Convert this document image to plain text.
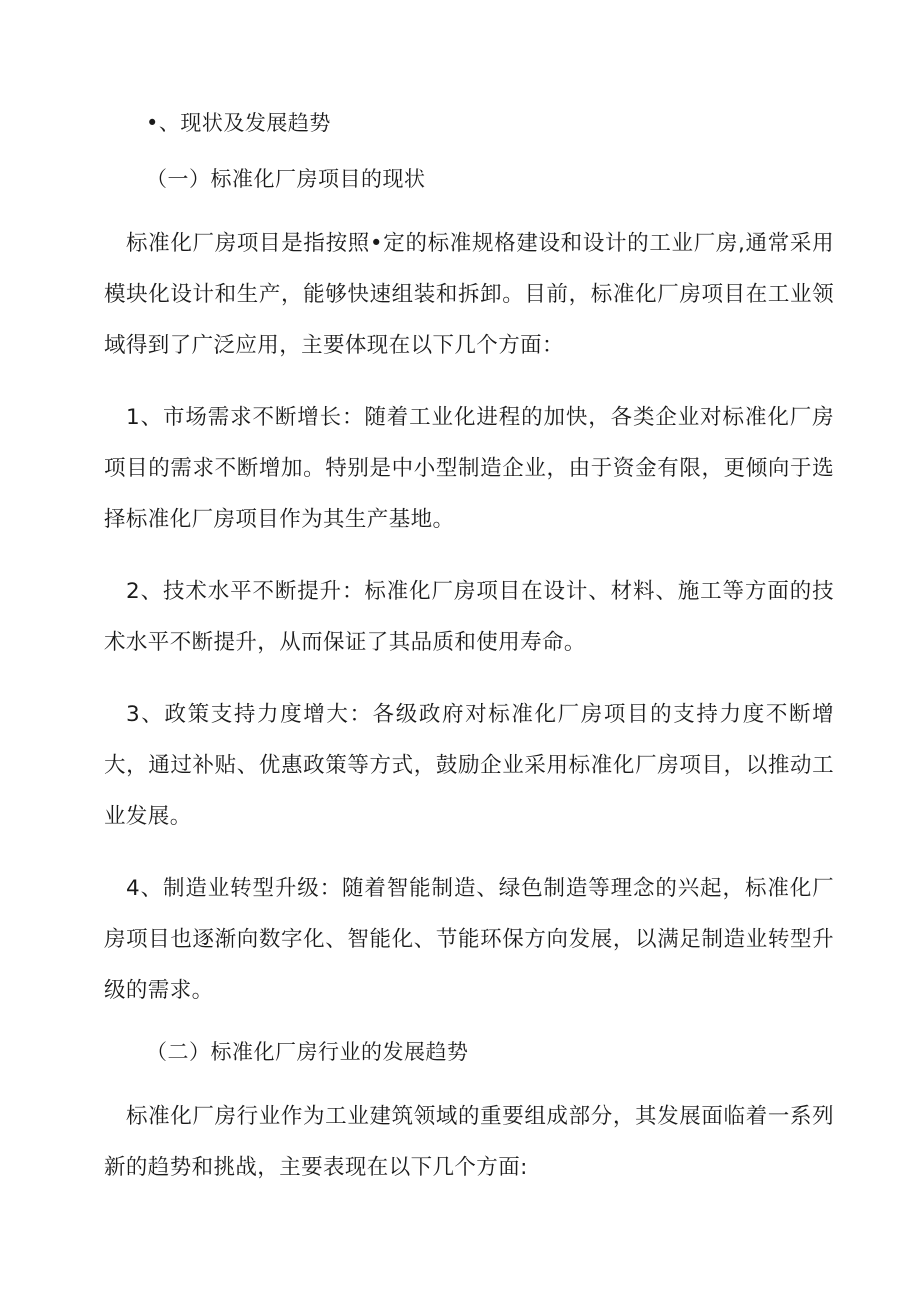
•、现状及发展趋势
（一）标准化厂房项目的现状

标准化厂房项目是指按照•定的标准规格建设和设计的工业厂房,通常采用模块化设计和生产，能够快速组装和拆卸。目前，标准化厂房项目在工业领域得到了广泛应用，主要体现在以下几个方面：

1、市场需求不断增长：随着工业化进程的加快，各类企业对标准化厂房项目的需求不断增加。特别是中小型制造企业，由于资金有限，更倾向于选择标准化厂房项目作为其生产基地。

2、技术水平不断提升：标准化厂房项目在设计、材料、施工等方面的技术水平不断提升，从而保证了其品质和使用寿命。

3、政策支持力度增大：各级政府对标准化厂房项目的支持力度不断增大，通过补贴、优惠政策等方式，鼓励企业采用标准化厂房项目，以推动工业发展。

4、制造业转型升级：随着智能制造、绿色制造等理念的兴起，标准化厂房项目也逐渐向数字化、智能化、节能环保方向发展，以满足制造业转型升级的需求。

（二）标准化厂房行业的发展趋势

标准化厂房行业作为工业建筑领域的重要组成部分，其发展面临着一系列新的趋势和挑战，主要表现在以下几个方面:
